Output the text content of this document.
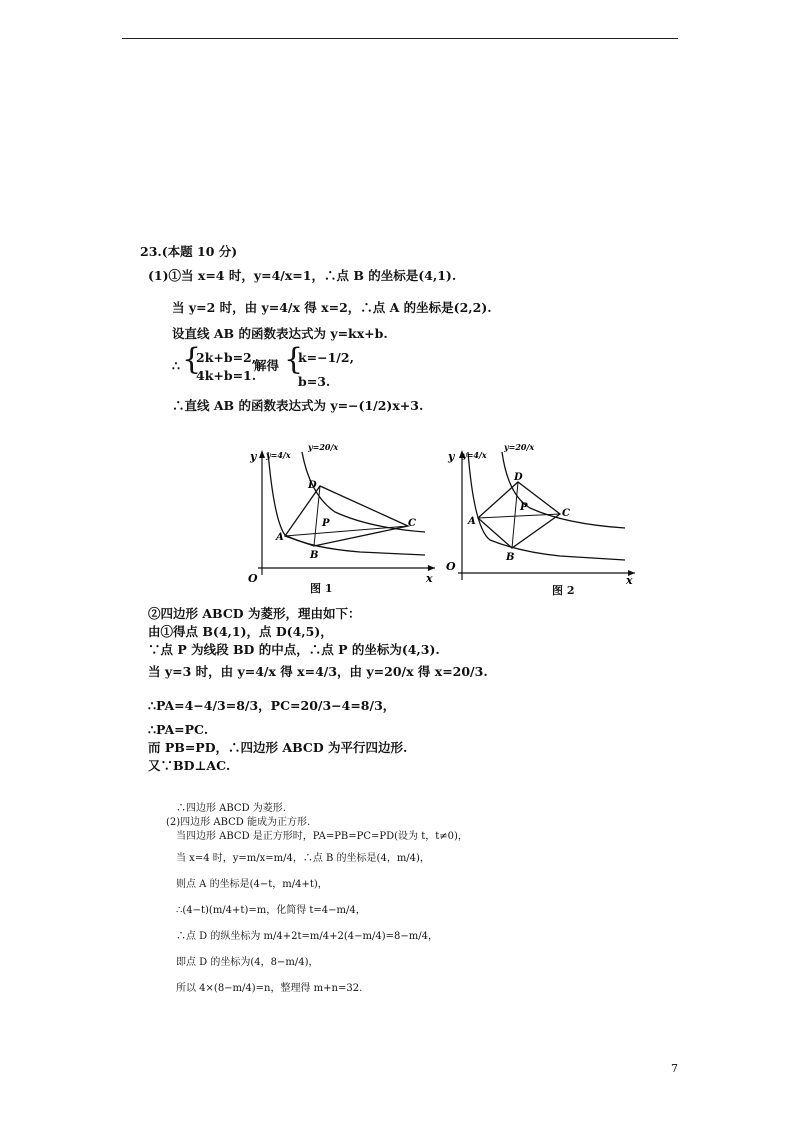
23.(本题 10 分)
(1)①当 x=4 时，y=4/x=1，∴点 B 的坐标是(4,1).
当 y=2 时，由 y=4/x 得 x=2，∴点 A 的坐标是(2,2).
设直线 AB 的函数表达式为 y=kx+b.
∴ {
2k+b=2,
4k+b=1.
解得 {
k=−1/2,
b=3.
∴直线 AB 的函数表达式为 y=−(1/2)x+3.
y
x
O
y=4/x
y=20/x
A
B
C
D
P
图 1
y
x
O
y=4/x
y=20/x
A
B
C
D
P
图 2
②四边形 ABCD 为菱形，理由如下：
由①得点 B(4,1)，点 D(4,5)，
∵点 P 为线段 BD 的中点，∴点 P 的坐标为(4,3).
当 y=3 时，由 y=4/x 得 x=4/3，由 y=20/x 得 x=20/3.
∴PA=4−4/3=8/3，PC=20/3−4=8/3，
∴PA=PC.
而 PB=PD，∴四边形 ABCD 为平行四边形.
又∵BD⊥AC.
∴四边形 ABCD 为菱形.
(2)四边形 ABCD 能成为正方形.
当四边形 ABCD 是正方形时，PA=PB=PC=PD(设为 t，t≠0)，
当 x=4 时，y=m/x=m/4，∴点 B 的坐标是(4，m/4)，
则点 A 的坐标是(4−t，m/4+t)，
∴(4−t)(m/4+t)=m，化简得 t=4−m/4，
∴点 D 的纵坐标为 m/4+2t=m/4+2(4−m/4)=8−m/4，
即点 D 的坐标为(4，8−m/4)，
所以 4×(8−m/4)=n，整理得 m+n=32.
7
